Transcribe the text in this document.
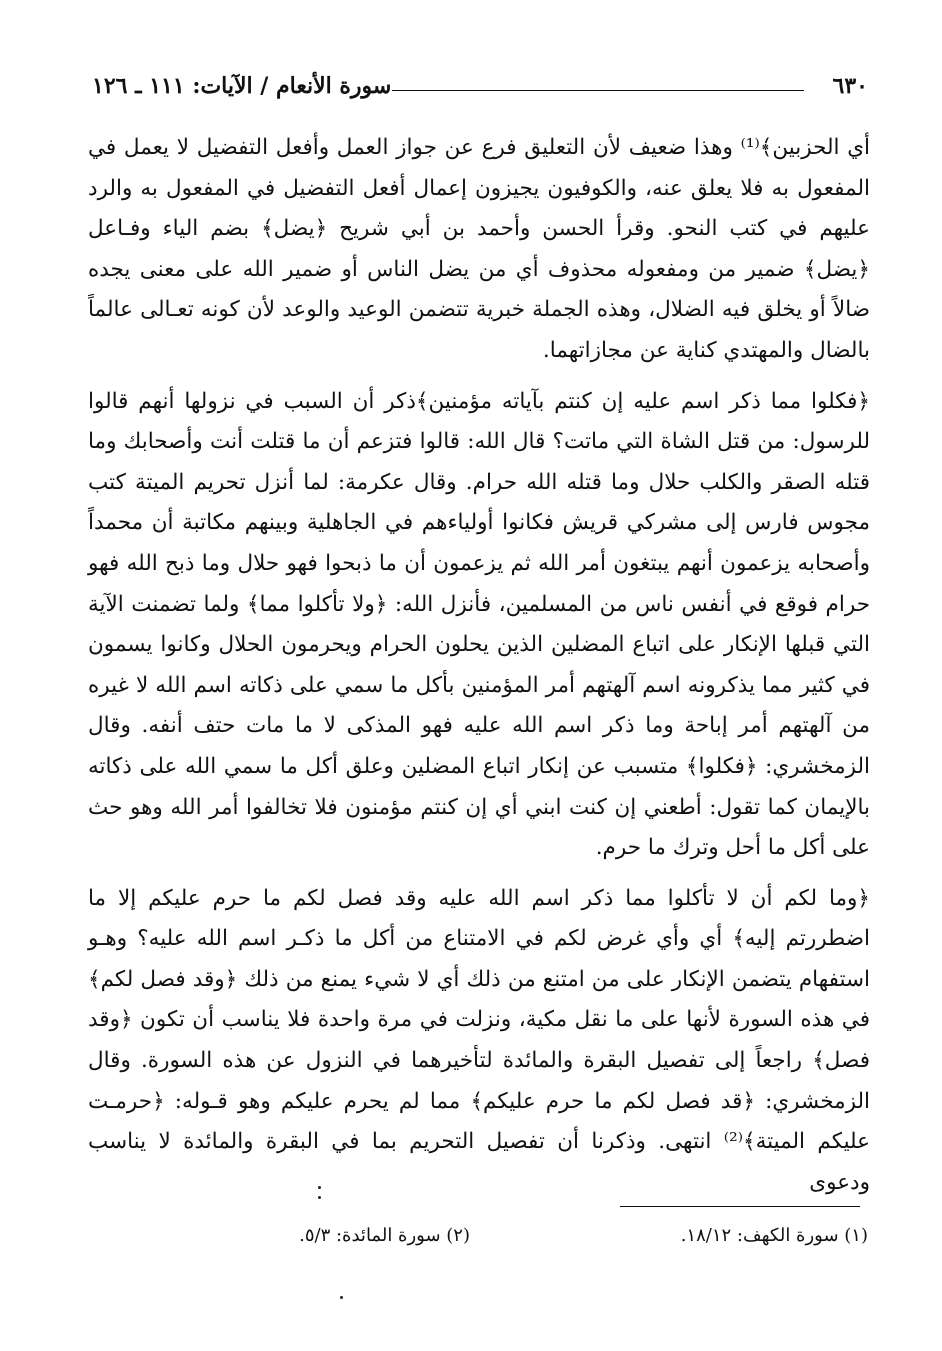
٦٣٠
سورة الأنعام / الآيات: ١١١ ـ ١٢٦

أي الحزبين﴾⁽¹⁾ وهذا ضعيف لأن التعليق فرع عن جواز العمل وأفعل التفضيل لا يعمل في المفعول به فلا يعلق عنه، والكوفيون يجيزون إعمال أفعل التفضيل في المفعول به والرد عليهم في كتب النحو. وقرأ الحسن وأحمد بن أبي شريح ﴿يضل﴾ بضم الياء وفـاعل ﴿يضل﴾ ضمير من ومفعوله محذوف أي من يضل الناس أو ضمير الله على معنى يجده ضالاً أو يخلق فيه الضلال، وهذه الجملة خبرية تتضمن الوعيد والوعد لأن كونه تعـالى عالماً بالضال والمهتدي كناية عن مجازاتهما.

﴿فكلوا مما ذكر اسم عليه إن كنتم بآياته مؤمنين﴾ذكر أن السبب في نزولها أنهم قالوا للرسول: من قتل الشاة التي ماتت؟ قال الله: قالوا فتزعم أن ما قتلت أنت وأصحابك وما قتله الصقر والكلب حلال وما قتله الله حرام. وقال عكرمة: لما أنزل تحريم الميتة كتب مجوس فارس إلى مشركي قريش فكانوا أولياءهم في الجاهلية وبينهم مكاتبة أن محمداً وأصحابه يزعمون أنهم يبتغون أمر الله ثم يزعمون أن ما ذبحوا فهو حلال وما ذبح الله فهو حرام فوقع في أنفس ناس من المسلمين، فأنزل الله: ﴿ولا تأكلوا مما﴾ ولما تضمنت الآية التي قبلها الإنكار على اتباع المضلين الذين يحلون الحرام ويحرمون الحلال وكانوا يسمون في كثير مما يذكرونه اسم آلهتهم أمر المؤمنين بأكل ما سمي على ذكاته اسم الله لا غيره من آلهتهم أمر إباحة وما ذكر اسم الله عليه فهو المذكى لا ما مات حتف أنفه. وقال الزمخشري: ﴿فكلوا﴾ متسبب عن إنكار اتباع المضلين وعلق أكل ما سمي الله على ذكاته بالإيمان كما تقول: أطعني إن كنت ابني أي إن كنتم مؤمنون فلا تخالفوا أمر الله وهو حث على أكل ما أحل وترك ما حرم.

﴿وما لكم أن لا تأكلوا مما ذكر اسم الله عليه وقد فصل لكم ما حرم عليكم إلا ما اضطررتم إليه﴾ أي وأي غرض لكم في الامتناع من أكل ما ذكـر اسم الله عليه؟ وهـو استفهام يتضمن الإنكار على من امتنع من ذلك أي لا شيء يمنع من ذلك ﴿وقد فصل لكم﴾ في هذه السورة لأنها على ما نقل مكية، ونزلت في مرة واحدة فلا يناسب أن تكون ﴿وقد فصل﴾ راجعاً إلى تفصيل البقرة والمائدة لتأخيرهما في النزول عن هذه السورة. وقال الزمخشري: ﴿قد فصل لكم ما حرم عليكم﴾ مما لم يحرم عليكم وهو قـوله: ﴿حرمـت عليكم الميتة﴾⁽²⁾ انتهى. وذكرنا أن تفصيل التحريم بما في البقرة والمائدة لا يناسب ودعوى

(١) سورة الكهف: ١٨/١٢.
(٢) سورة المائدة: ٥/٣.
